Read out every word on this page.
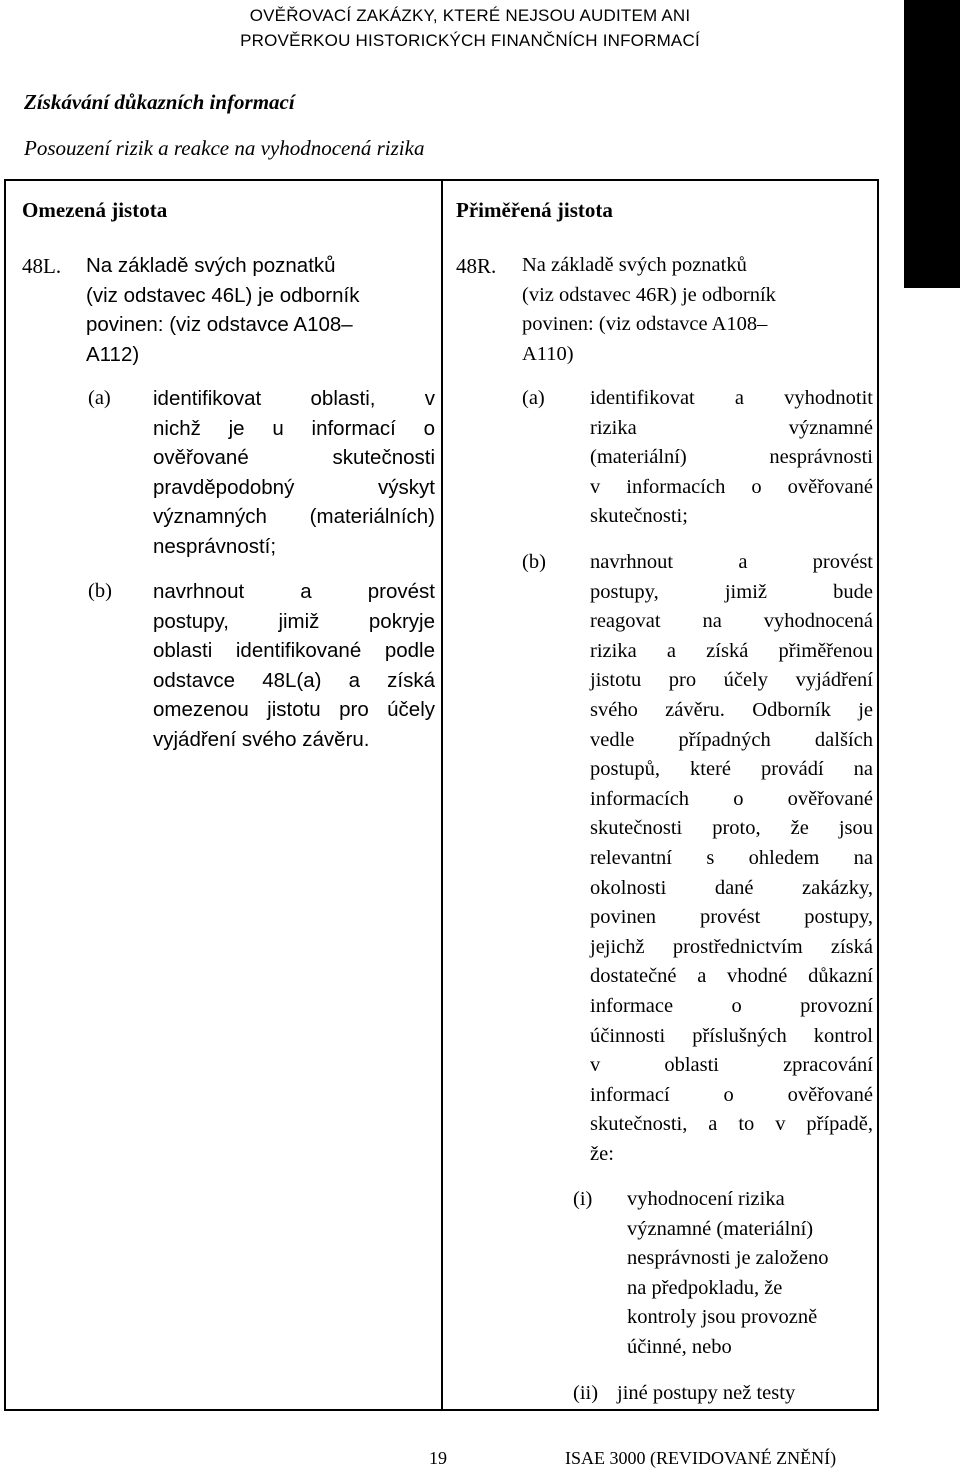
OVĚŘOVACÍ ZAKÁZKY, KTERÉ NEJSOU AUDITEM ANI
PROVĚRKOU HISTORICKÝCH FINANČNÍCH INFORMACÍ
Získávání důkazních informací
Posouzení rizik a reakce na vyhodnocená rizika
Omezená jistota
48L. Na základě svých poznatků
(viz odstavec 46L) je odborník
povinen: (viz odstavce A108–
A112)
(a) identifikovat oblasti, v
nichž je u informací o
ověřované skutečnosti
pravděpodobný výskyt
významných (materiálních)
nesprávností;
(b) navrhnout a provést
postupy, jimiž pokryje
oblasti identifikované podle
odstavce 48L(a) a získá
omezenou jistotu pro účely
vyjádření svého závěru.
Přiměřená jistota
48R. Na základě svých poznatků
(viz odstavec 46R) je odborník
povinen: (viz odstavce A108–
A110)
(a) identifikovat a vyhodnotit
rizika významné
(materiální) nesprávnosti
v informacích o ověřované
skutečnosti;
(b) navrhnout a provést
postupy, jimiž bude
reagovat na vyhodnocená
rizika a získá přiměřenou
jistotu pro účely vyjádření
svého závěru. Odborník je
vedle případných dalších
postupů, které provádí na
informacích o ověřované
skutečnosti proto, že jsou
relevantní s ohledem na
okolnosti dané zakázky,
povinen provést postupy,
jejichž prostřednictvím získá
dostatečné a vhodné důkazní
informace o provozní
účinnosti příslušných kontrol
v oblasti zpracování
informací o ověřované
skutečnosti, a to v případě,
že:
(i) vyhodnocení rizika
významné (materiální)
nesprávnosti je založeno
na předpokladu, že
kontroly jsou provozně
účinné, nebo
(ii) jiné postupy než testy
19	ISAE 3000 (REVIDOVANÉ ZNĚNÍ)
